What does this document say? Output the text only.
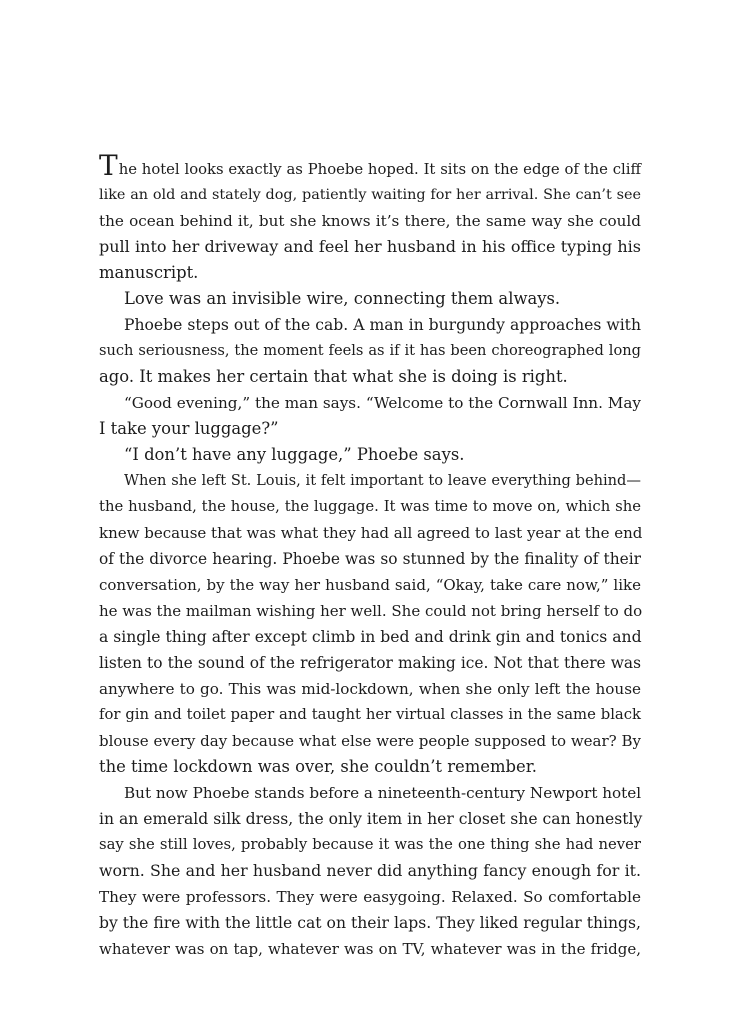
The hotel looks exactly as Phoebe hoped. It sits on the edge of the cliff
like an old and stately dog, patiently waiting for her arrival. She can’t see
the ocean behind it, but she knows it’s there, the same way she could
pull into her driveway and feel her husband in his office typing his
manuscript.
Love was an invisible wire, connecting them always.
Phoebe steps out of the cab. A man in burgundy approaches with
such seriousness, the moment feels as if it has been choreographed long
ago. It makes her certain that what she is doing is right.
“Good evening,” the man says. “Welcome to the Cornwall Inn. May
I take your luggage?”
“I don’t have any luggage,” Phoebe says.
When she left St. Louis, it felt important to leave everything behind—
the husband, the house, the luggage. It was time to move on, which she
knew because that was what they had all agreed to last year at the end
of the divorce hearing. Phoebe was so stunned by the finality of their
conversation, by the way her husband said, “Okay, take care now,” like
he was the mailman wishing her well. She could not bring herself to do
a single thing after except climb in bed and drink gin and tonics and
listen to the sound of the refrigerator making ice. Not that there was
anywhere to go. This was mid-lockdown, when she only left the house
for gin and toilet paper and taught her virtual classes in the same black
blouse every day because what else were people supposed to wear? By
the time lockdown was over, she couldn’t remember.
But now Phoebe stands before a nineteenth-century Newport hotel
in an emerald silk dress, the only item in her closet she can honestly
say she still loves, probably because it was the one thing she had never
worn. She and her husband never did anything fancy enough for it.
They were professors. They were easygoing. Relaxed. So comfortable
by the fire with the little cat on their laps. They liked regular things,
whatever was on tap, whatever was on TV, whatever was in the fridge,
